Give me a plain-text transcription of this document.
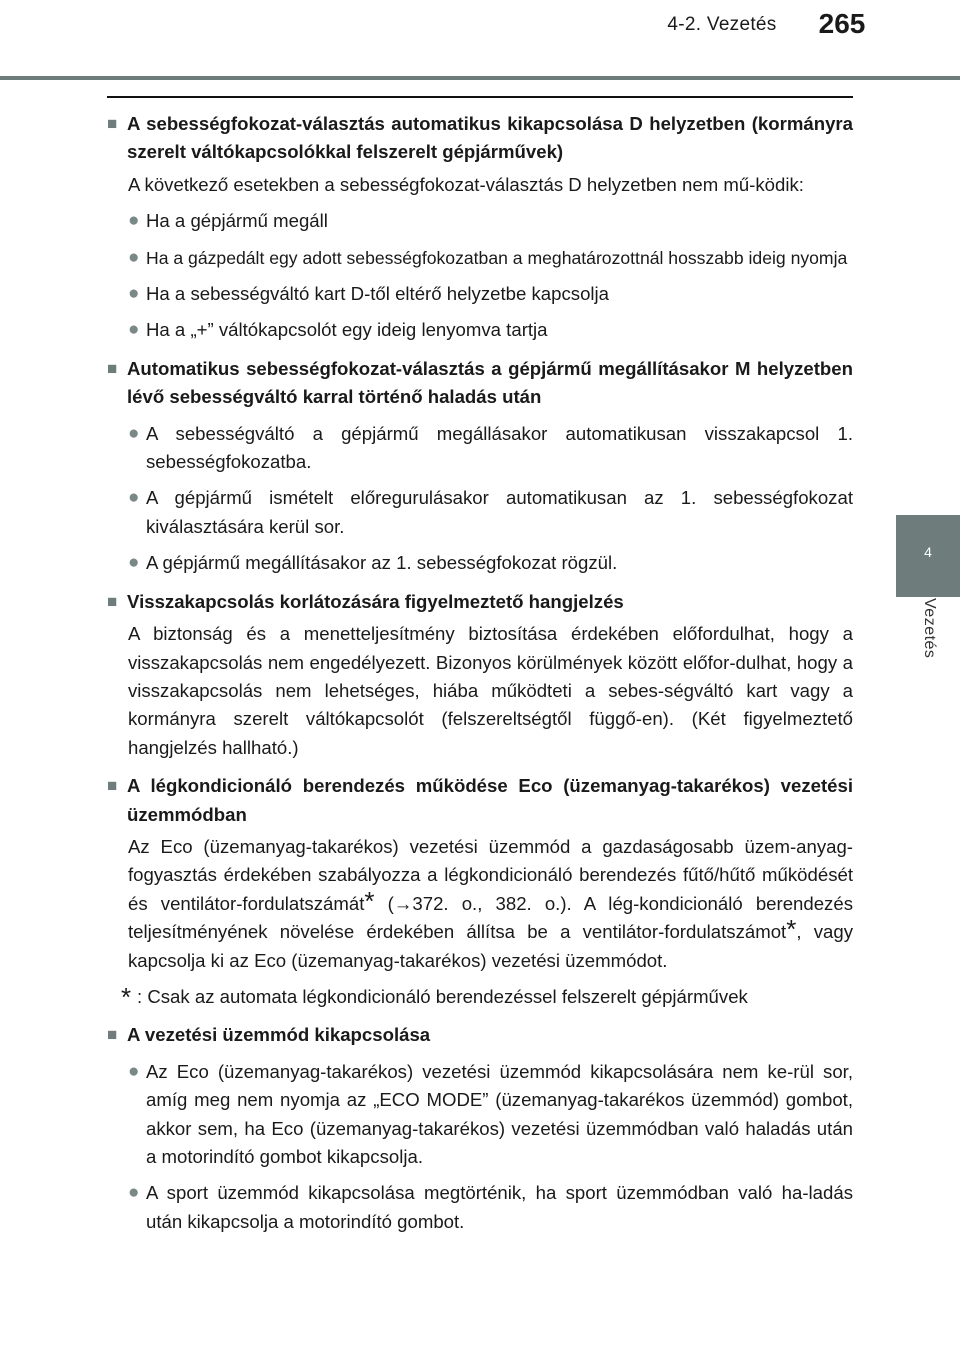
4-2. Vezetés	265
4
Vezetés
■ A sebességfokozat-választás automatikus kikapcsolása D helyzetben (kormányra szerelt váltókapcsolókkal felszerelt gépjárművek)
A következő esetekben a sebességfokozat-választás D helyzetben nem mű-ködik:
● Ha a gépjármű megáll
● Ha a gázpedált egy adott sebességfokozatban a meghatározottnál hosszabb ideig nyomja
● Ha a sebességváltó kart D-től eltérő helyzetbe kapcsolja
● Ha a „+” váltókapcsolót egy ideig lenyomva tartja
■ Automatikus sebességfokozat-választás a gépjármű megállításakor M helyzetben lévő sebességváltó karral történő haladás után
● A sebességváltó a gépjármű megállásakor automatikusan visszakapcsol 1. sebességfokozatba.
● A gépjármű ismételt előregurulásakor automatikusan az 1. sebességfokozat kiválasztására kerül sor.
● A gépjármű megállításakor az 1. sebességfokozat rögzül.
■ Visszakapcsolás korlátozására figyelmeztető hangjelzés
A biztonság és a menetteljesítmény biztosítása érdekében előfordulhat, hogy a visszakapcsolás nem engedélyezett. Bizonyos körülmények között előfor-dulhat, hogy a visszakapcsolás nem lehetséges, hiába működteti a sebes-ségváltó kart vagy a kormányra szerelt váltókapcsolót (felszereltségtől függő-en). (Két figyelmeztető hangjelzés hallható.)
■ A légkondicionáló berendezés működése Eco (üzemanyag-takarékos) vezetési üzemmódban
Az Eco (üzemanyag-takarékos) vezetési üzemmód a gazdaságosabb üzem-anyag-fogyasztás érdekében szabályozza a légkondicionáló berendezés fűtő/hűtő működését és ventilátor-fordulatszámát* (→372. o., 382. o.). A lég-kondicionáló berendezés teljesítményének növelése érdekében állítsa be a ventilátor-fordulatszámot*, vagy kapcsolja ki az Eco (üzemanyag-takarékos) vezetési üzemmódot.
* : Csak az automata légkondicionáló berendezéssel felszerelt gépjárművek
■ A vezetési üzemmód kikapcsolása
● Az Eco (üzemanyag-takarékos) vezetési üzemmód kikapcsolására nem ke-rül sor, amíg meg nem nyomja az „ECO MODE” (üzemanyag-takarékos üzemmód) gombot, akkor sem, ha Eco (üzemanyag-takarékos) vezetési üzemmódban való haladás után a motorindító gombot kikapcsolja.
● A sport üzemmód kikapcsolása megtörténik, ha sport üzemmódban való ha-ladás után kikapcsolja a motorindító gombot.
